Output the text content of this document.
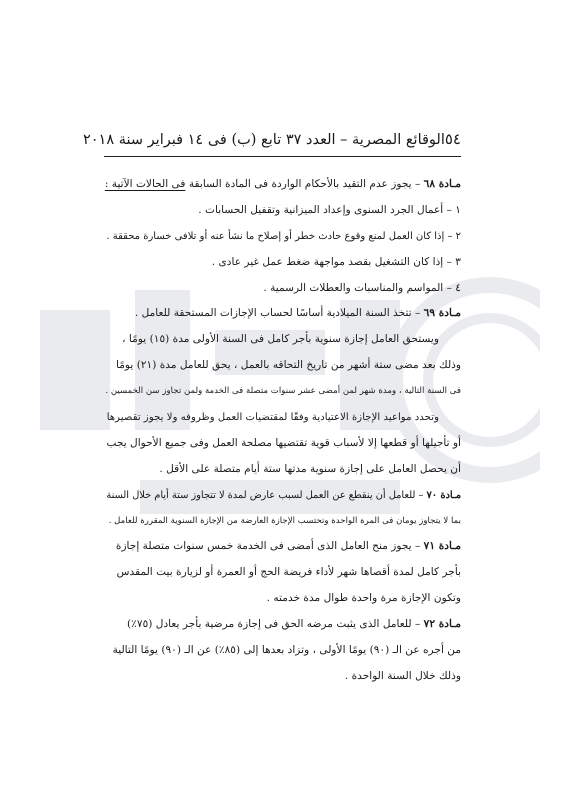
٥٤
الوقائع المصرية – العدد ٣٧ تابع (ب) فى ١٤ فبراير سنة ٢٠١٨
مـادة ٦٨ – يجوز عدم التقيد بالأحكام الواردة فى المادة السابقة فى الحالات الآتية :
١ – أعمال الجرد السنوى وإعداد الميزانية وتقفيل الحسابات .
٢ – إذا كان العمل لمنع وقوع حادث خطر أو إصلاح ما نشأ عنه أو تلافى خسارة محققة .
٣ – إذا كان التشغيل بقصد مواجهة ضغط عمل غير عادى .
٤ – المواسم والمناسبات والعطلات الرسمية .
مـادة ٦٩ – تتخذ السنة الميلادية أساسًا لحساب الإجازات المستحقة للعامل .
ويستحق العامل إجازة سنوية بأجر كامل فى السنة الأولى مدة (١٥) يومًا ،
وذلك بعد مضى ستة أشهر من تاريخ التحاقه بالعمل ، يحق للعامل مدة (٢١) يومًا
فى السنة التالية ، ومدة شهر لمن أمضى عشر سنوات متصلة فى الخدمة ولمن تجاوز سن الخمسين .
وتحدد مواعيد الإجازة الاعتيادية وفقًا لمقتضيات العمل وظروفه ولا يجوز تقصيرها
أو تأجيلها أو قطعها إلا لأسباب قوية تقتضيها مصلحة العمل وفى جميع الأحوال يجب
أن يحصل العامل على إجازة سنوية مدتها ستة أيام متصلة على الأقل .
مـادة ٧٠ – للعامل أن ينقطع عن العمل لسبب عارض لمدة لا تتجاوز ستة أيام خلال السنة
بما لا يتجاوز يومان فى المرة الواحدة وتحتسب الإجازة العارضة من الإجازة السنوية المقررة للعامل .
مـادة ٧١ – يجوز منح العامل الذى أمضى فى الخدمة خمس سنوات متصلة إجازة
بأجر كامل لمدة أقصاها شهر لأداء فريضة الحج أو العمرة أو لزيارة بيت المقدس
وتكون الإجازة مرة واحدة طوال مدة خدمته .
مـادة ٧٢ – للعامل الذى يثبت مرضه الحق فى إجازة مرضية بأجر يعادل (٧٥٪)
من أجره عن الـ (٩٠) يومًا الأولى ، وتزاد بعدها إلى (٨٥٪) عن الـ (٩٠) يومًا التالية
وذلك خلال السنة الواحدة .
